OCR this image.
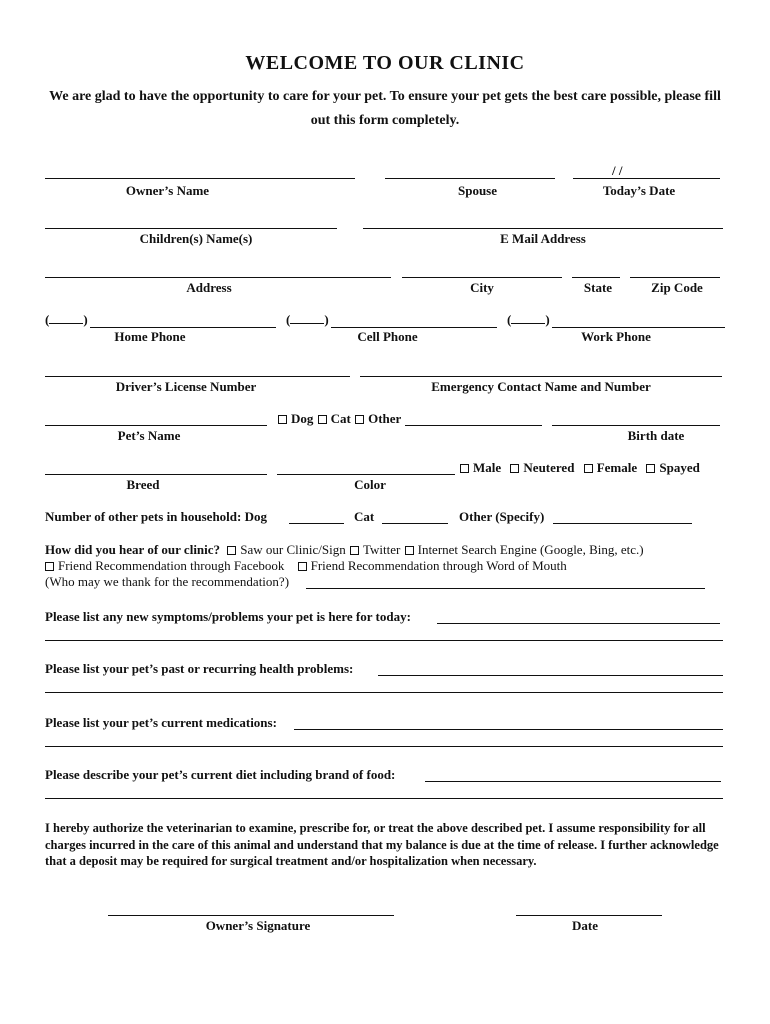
WELCOME TO OUR CLINIC
We are glad to have the opportunity to care for your pet. To ensure your pet gets the best care possible, please fill out this form completely.
/ /
Owner’s Name	Spouse	Today’s Date
Children(s) Name(s)	E Mail Address
Address	City	State	Zip Code
(	)	(	)	(	)
Home Phone	Cell Phone	Work Phone
Driver’s License Number	Emergency Contact Name and Number
Dog Cat Other
Pet’s Name	Birth date
Male Neutered Female Spayed
Breed	Color
Number of other pets in household: Dog	Cat	Other (Specify)
How did you hear of our clinic? Saw our Clinic/Sign Twitter Internet Search Engine (Google, Bing, etc.)
Friend Recommendation through Facebook Friend Recommendation through Word of Mouth
(Who may we thank for the recommendation?)
Please list any new symptoms/problems your pet is here for today:
Please list your pet’s past or recurring health problems:
Please list your pet’s current medications:
Please describe your pet’s current diet including brand of food:
I hereby authorize the veterinarian to examine, prescribe for, or treat the above described pet. I assume responsibility for all charges incurred in the care of this animal and understand that my balance is due at the time of release. I further acknowledge that a deposit may be required for surgical treatment and/or hospitalization when necessary.
Owner’s Signature	Date
